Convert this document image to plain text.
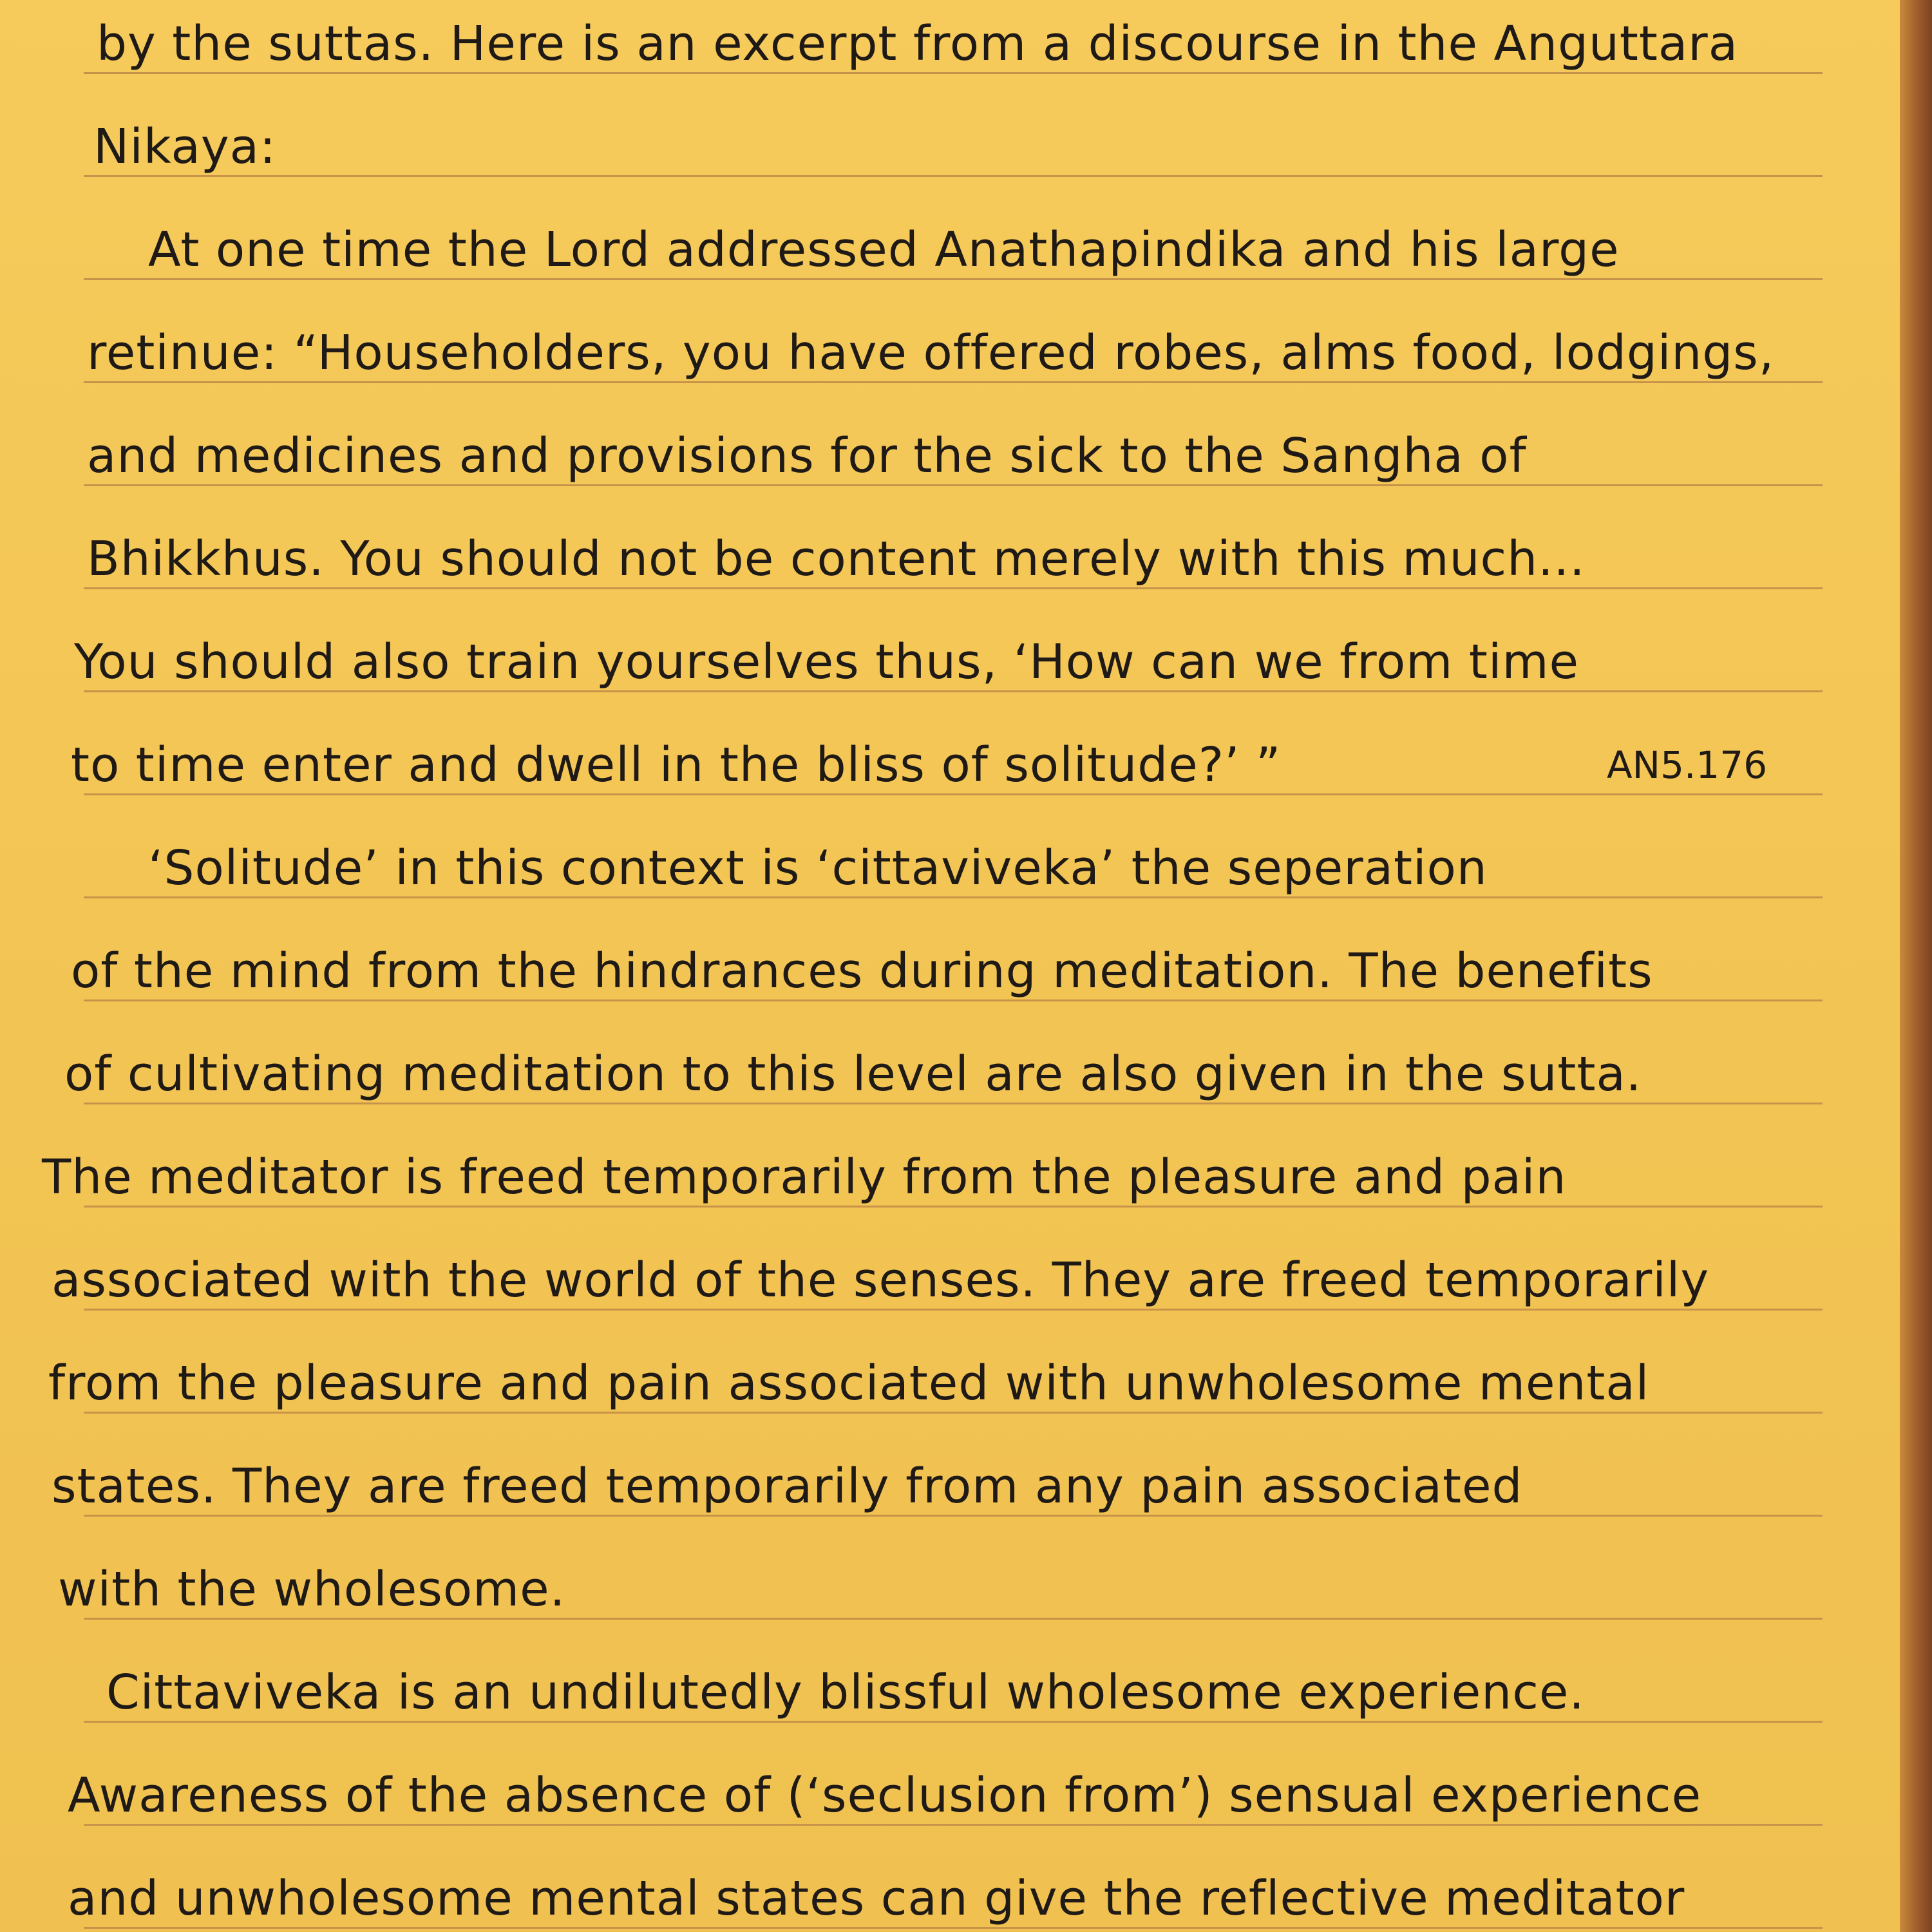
by the suttas. Here is an excerpt from a discourse in the Anguttara
Nikaya:
At one time the Lord addressed Anathapindika and his large
retinue: “Householders, you have offered robes, alms food, lodgings,
and medicines and provisions for the sick to the Sangha of
Bhikkhus. You should not be content merely with this much...
You should also train yourselves thus, ‘How can we from time
to time enter and dwell in the bliss of solitude?’ ”	AN5.176
‘Solitude’ in this context is ‘cittaviveka’ the seperation
of the mind from the hindrances during meditation. The benefits
of cultivating meditation to this level are also given in the sutta.
The meditator is freed temporarily from the pleasure and pain
associated with the world of the senses. They are freed temporarily
from the pleasure and pain associated with unwholesome mental
states. They are freed temporarily from any pain associated
with the wholesome.
Cittaviveka is an undilutedly blissful wholesome experience.
Awareness of the absence of (‘seclusion from’) sensual experience
and unwholesome mental states can give the reflective meditator
